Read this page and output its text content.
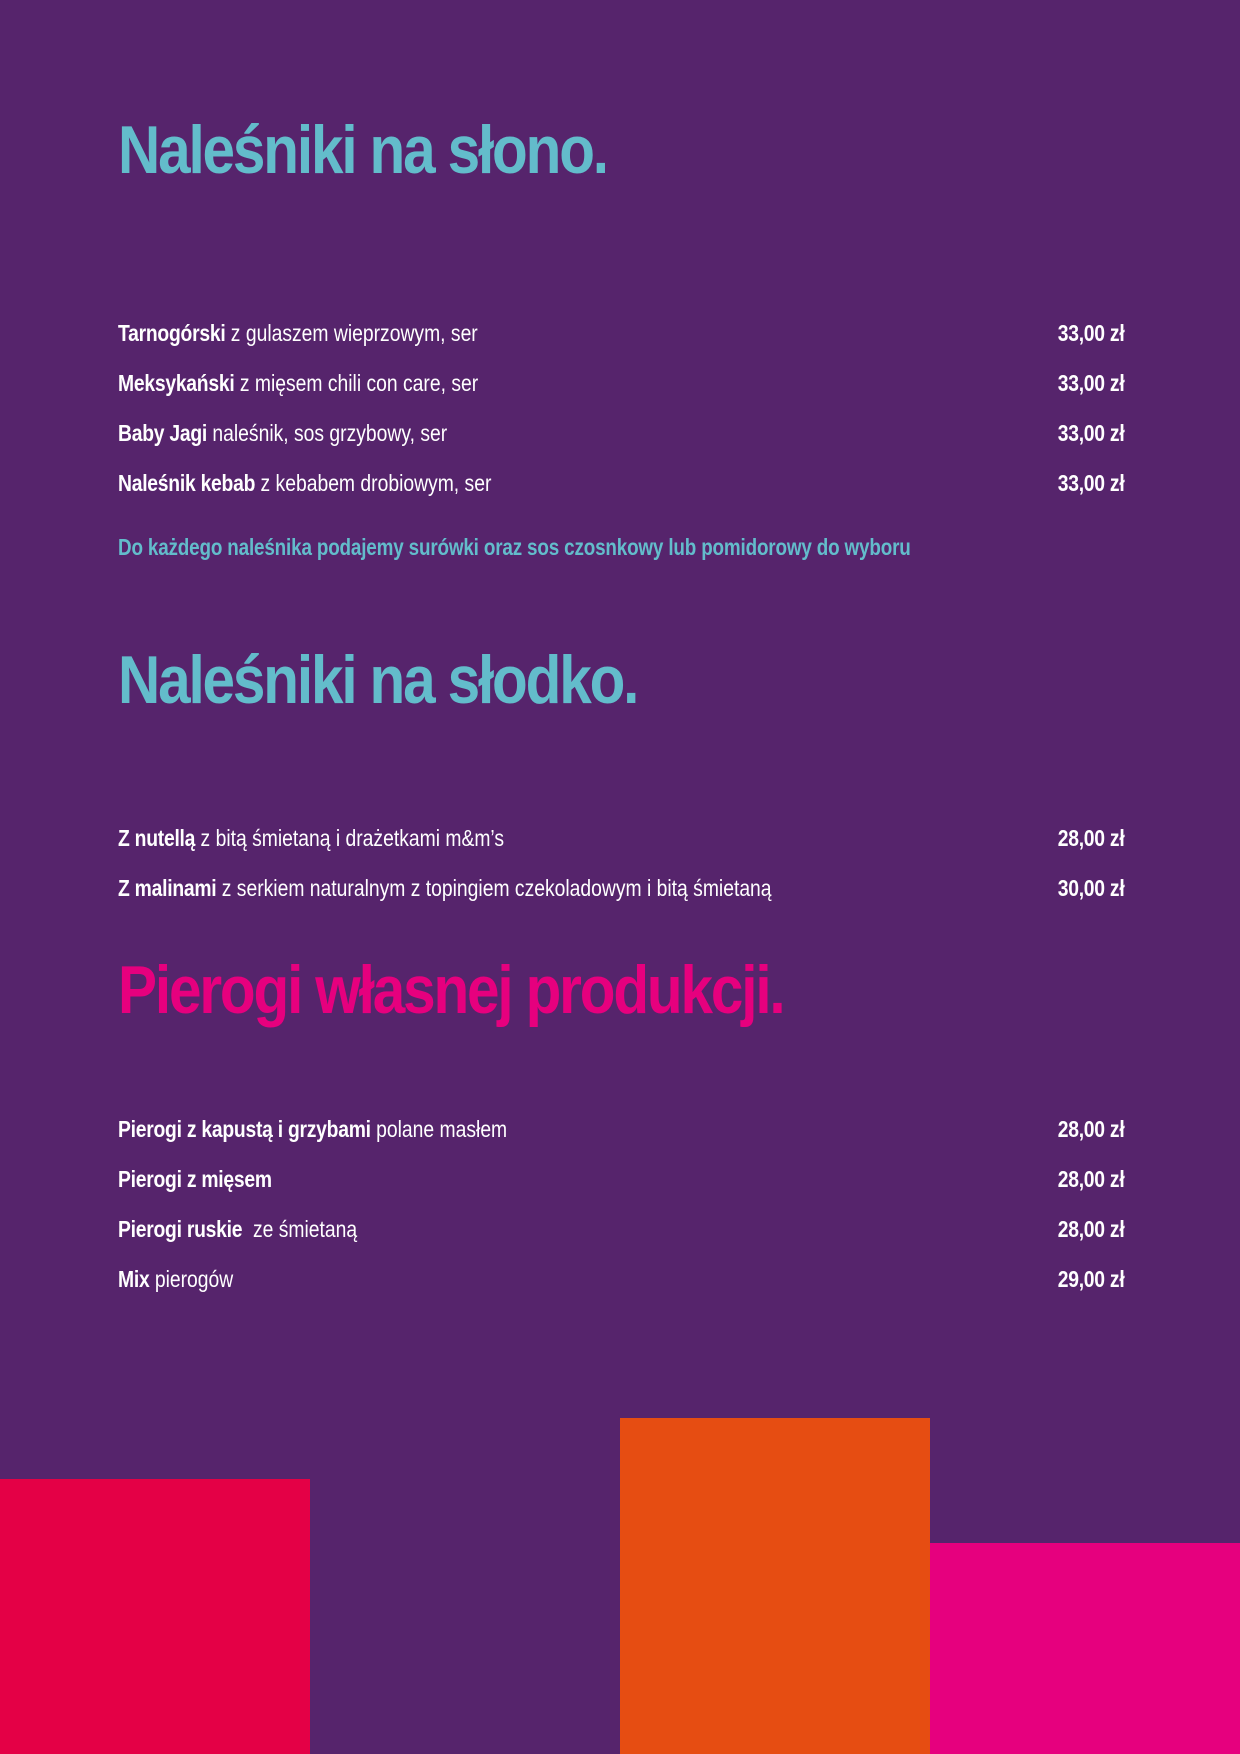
Naleśniki na słono.
Tarnogórski z gulaszem wieprzowym, ser	33,00 zł
Meksykański z mięsem chili con care, ser	33,00 zł
Baby Jagi naleśnik, sos grzybowy, ser	33,00 zł
Naleśnik kebab z kebabem drobiowym, ser	33,00 zł

Do każdego naleśnika podajemy surówki oraz sos czosnkowy lub pomidorowy do wyboru

Naleśniki na słodko.
Z nutellą z bitą śmietaną i drażetkami m&m’s	28,00 zł
Z malinami z serkiem naturalnym z topingiem czekoladowym i bitą śmietaną	30,00 zł
Pierogi własnej produkcji.
Pierogi z kapustą i grzybami polane masłem	28,00 zł
Pierogi z mięsem	28,00 zł
Pierogi ruskie  ze śmietaną	28,00 zł
Mix pierogów	29,00 zł
